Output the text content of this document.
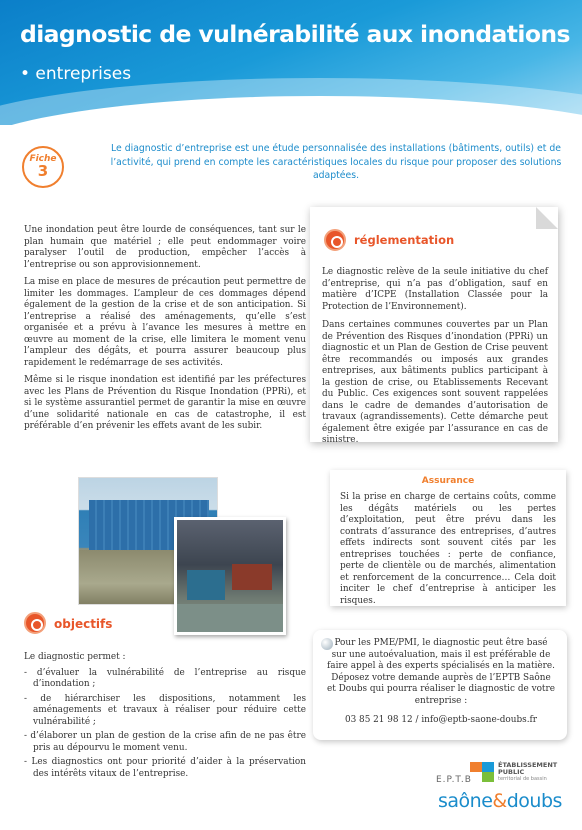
diagnostic de vulnérabilité aux inondations
• entreprises
Fiche
3
Le diagnostic d’entreprise est une étude personnalisée des installations (bâtiments, outils) et de l’activité, qui prend en compte les caractéristiques locales du risque pour proposer des solutions adaptées.

Une inondation peut être lourde de conséquences, tant sur le plan humain que matériel ; elle peut endommager voire paralyser l’outil de production, empêcher l’accès à l’entreprise ou son approvisionnement.

La mise en place de mesures de précaution peut permettre de limiter les dommages. L’ampleur de ces dommages dépend également de la gestion de la crise et de son anticipation. Si l’entreprise a réalisé des aménagements, qu’elle s’est organisée et a prévu à l’avance les mesures à mettre en œuvre au moment de la crise, elle limitera le moment venu l’ampleur des dégâts, et pourra assurer beaucoup plus rapidement le redémarrage de ses activités.

Même si le risque inondation est identifié par les préfectures avec les Plans de Prévention du Risque Inondation (PPRi), et si le système assurantiel permet de garantir la mise en œuvre d’une solidarité nationale en cas de catastrophe, il est préférable d’en prévenir les effets avant de les subir.

objectifs

Le diagnostic permet :

- d’évaluer la vulnérabilité de l’entreprise au risque d’inondation ;
- de hiérarchiser les dispositions, notamment les aménagements et travaux à réaliser pour réduire cette vulnérabilité ;
- d’élaborer un plan de gestion de la crise afin de ne pas être pris au dépourvu le moment venu.
- Les diagnostics ont pour priorité d’aider à la préservation des intérêts vitaux de l’entreprise.
réglementation

Le diagnostic relève de la seule initiative du chef d’entreprise, qui n’a pas d’obligation, sauf en matière d’ICPE (Installation Classée pour la Protection de l’Environnement).

Dans certaines communes couvertes par un Plan de Prévention des Risques d’inondation (PPRi) un diagnostic et un Plan de Gestion de Crise peuvent être recommandés ou imposés aux grandes entreprises, aux bâtiments publics participant à la gestion de crise, ou Etablissements Recevant du Public. Ces exigences sont souvent rappelées dans le cadre de demandes d’autorisation de travaux (agrandissements). Cette démarche peut également être exigée par l’assurance en cas de sinistre.

Assurance
Si la prise en charge de certains coûts, comme les dégâts matériels ou les pertes d’exploitation, peut être prévu dans les contrats d’assurance des entreprises, d’autres effets indirects sont souvent cités par les entreprises touchées : perte de confiance, perte de clientèle ou de marchés, alimentation et renforcement de la concurrence… Cela doit inciter le chef d’entreprise à anticiper les risques.
Pour les PME/PMI, le diagnostic peut être basé sur une autoévaluation, mais il est préférable de faire appel à des experts spécialisés en la matière. Déposez votre demande auprès de l’EPTB Saône et Doubs qui pourra réaliser le diagnostic de votre entreprise :
03 85 21 98 12 / info@eptb-saone-doubs.fr
E.P.T.B
ÉTABLISSEMENT PUBLIC
territorial de bassin
saône&doubs
